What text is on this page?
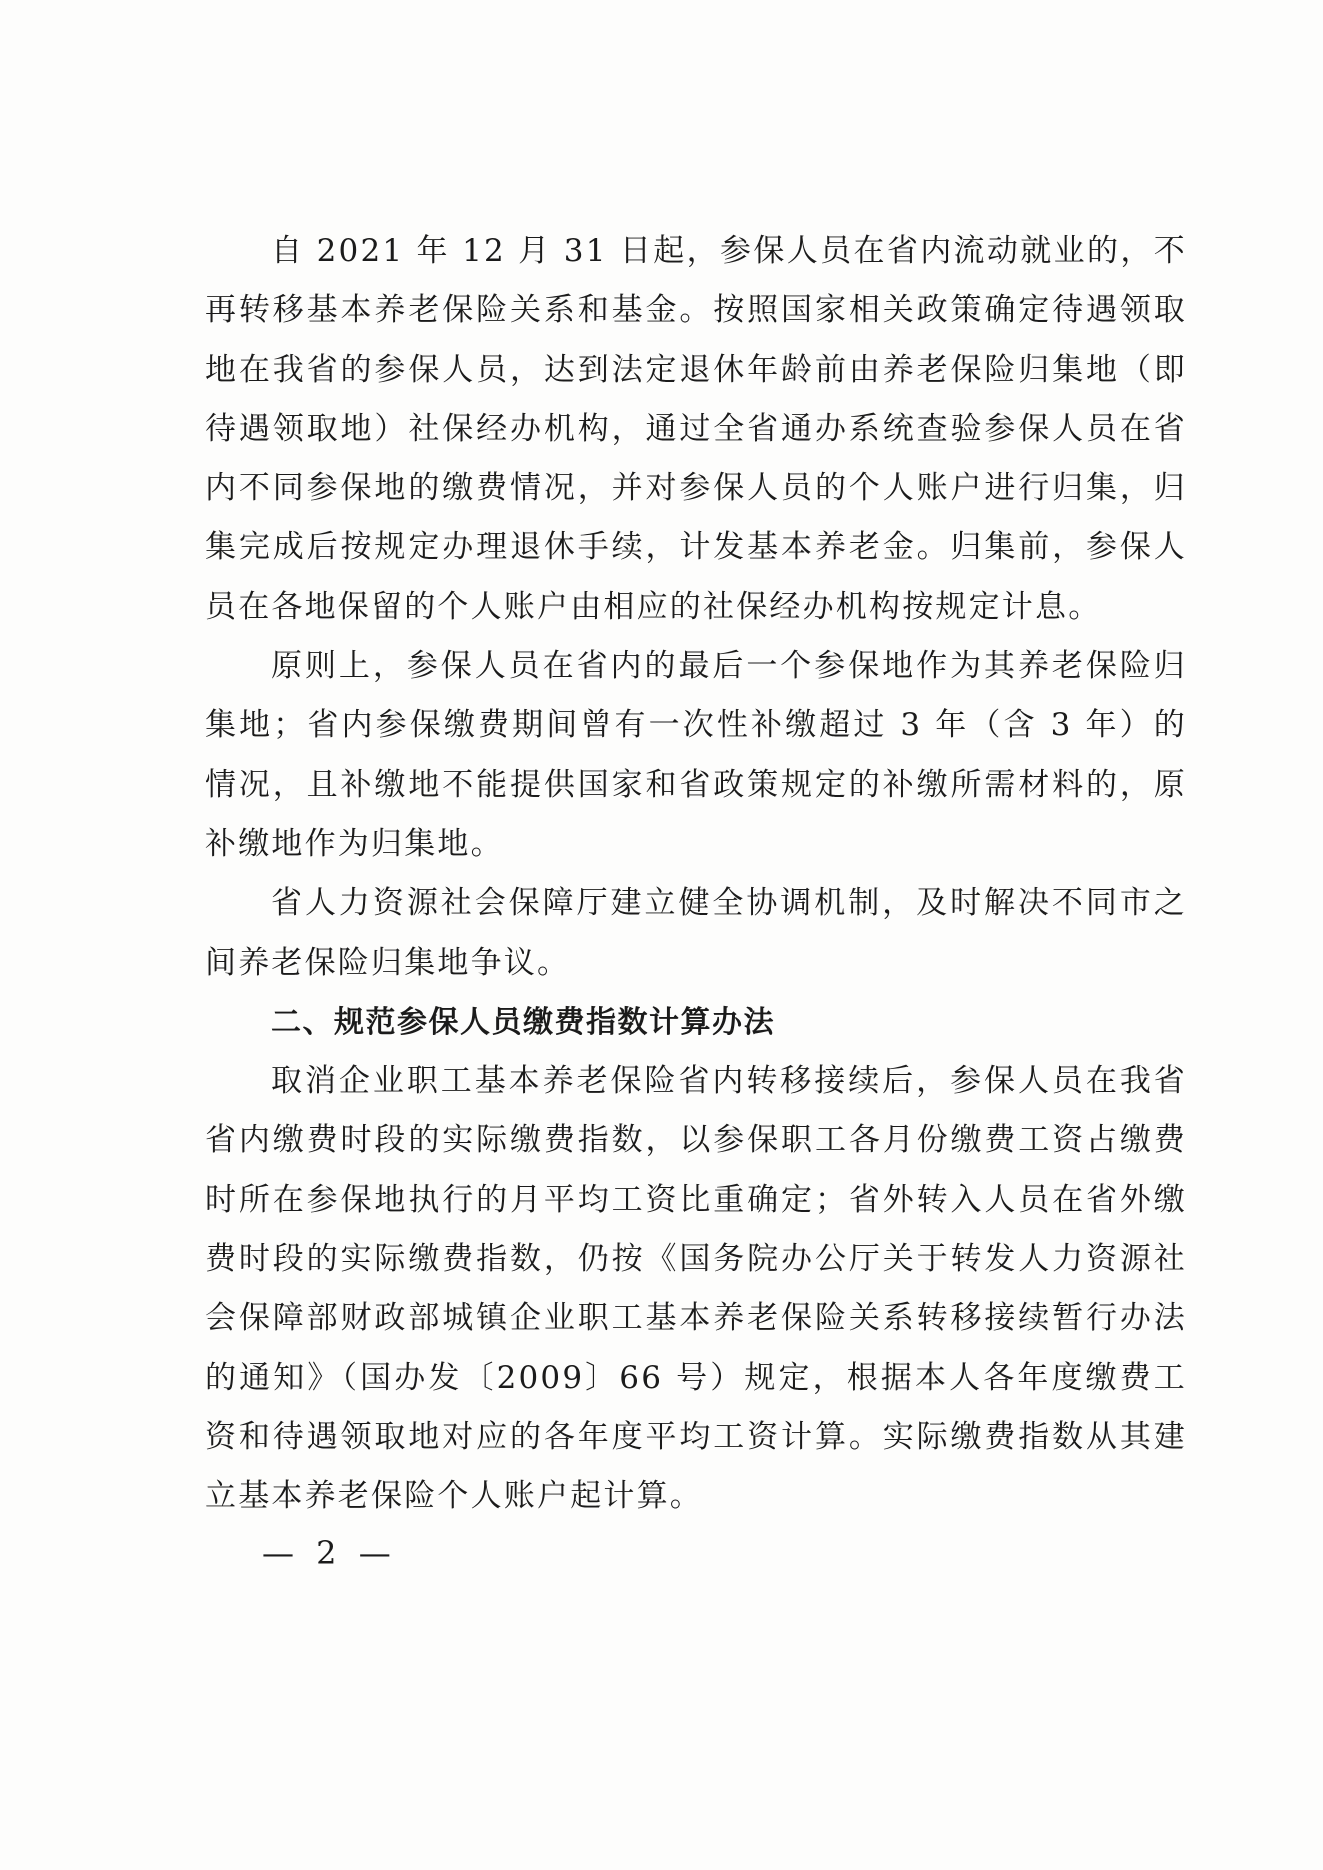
自 2021 年 12 月 31 日起，参保人员在省内流动就业的，不再转移基本养老保险关系和基金。按照国家相关政策确定待遇领取地在我省的参保人员，达到法定退休年龄前由养老保险归集地（即待遇领取地）社保经办机构，通过全省通办系统查验参保人员在省内不同参保地的缴费情况，并对参保人员的个人账户进行归集，归集完成后按规定办理退休手续，计发基本养老金。归集前，参保人员在各地保留的个人账户由相应的社保经办机构按规定计息。

原则上，参保人员在省内的最后一个参保地作为其养老保险归集地；省内参保缴费期间曾有一次性补缴超过 3 年（含 3 年）的情况，且补缴地不能提供国家和省政策规定的补缴所需材料的，原补缴地作为归集地。

省人力资源社会保障厅建立健全协调机制，及时解决不同市之间养老保险归集地争议。

二、规范参保人员缴费指数计算办法

取消企业职工基本养老保险省内转移接续后，参保人员在我省省内缴费时段的实际缴费指数，以参保职工各月份缴费工资占缴费时所在参保地执行的月平均工资比重确定；省外转入人员在省外缴费时段的实际缴费指数，仍按《国务院办公厅关于转发人力资源社会保障部财政部城镇企业职工基本养老保险关系转移接续暂行办法的通知》（国办发〔2009〕66 号）规定，根据本人各年度缴费工资和待遇领取地对应的各年度平均工资计算。实际缴费指数从其建立基本养老保险个人账户起计算。

— 2 —
